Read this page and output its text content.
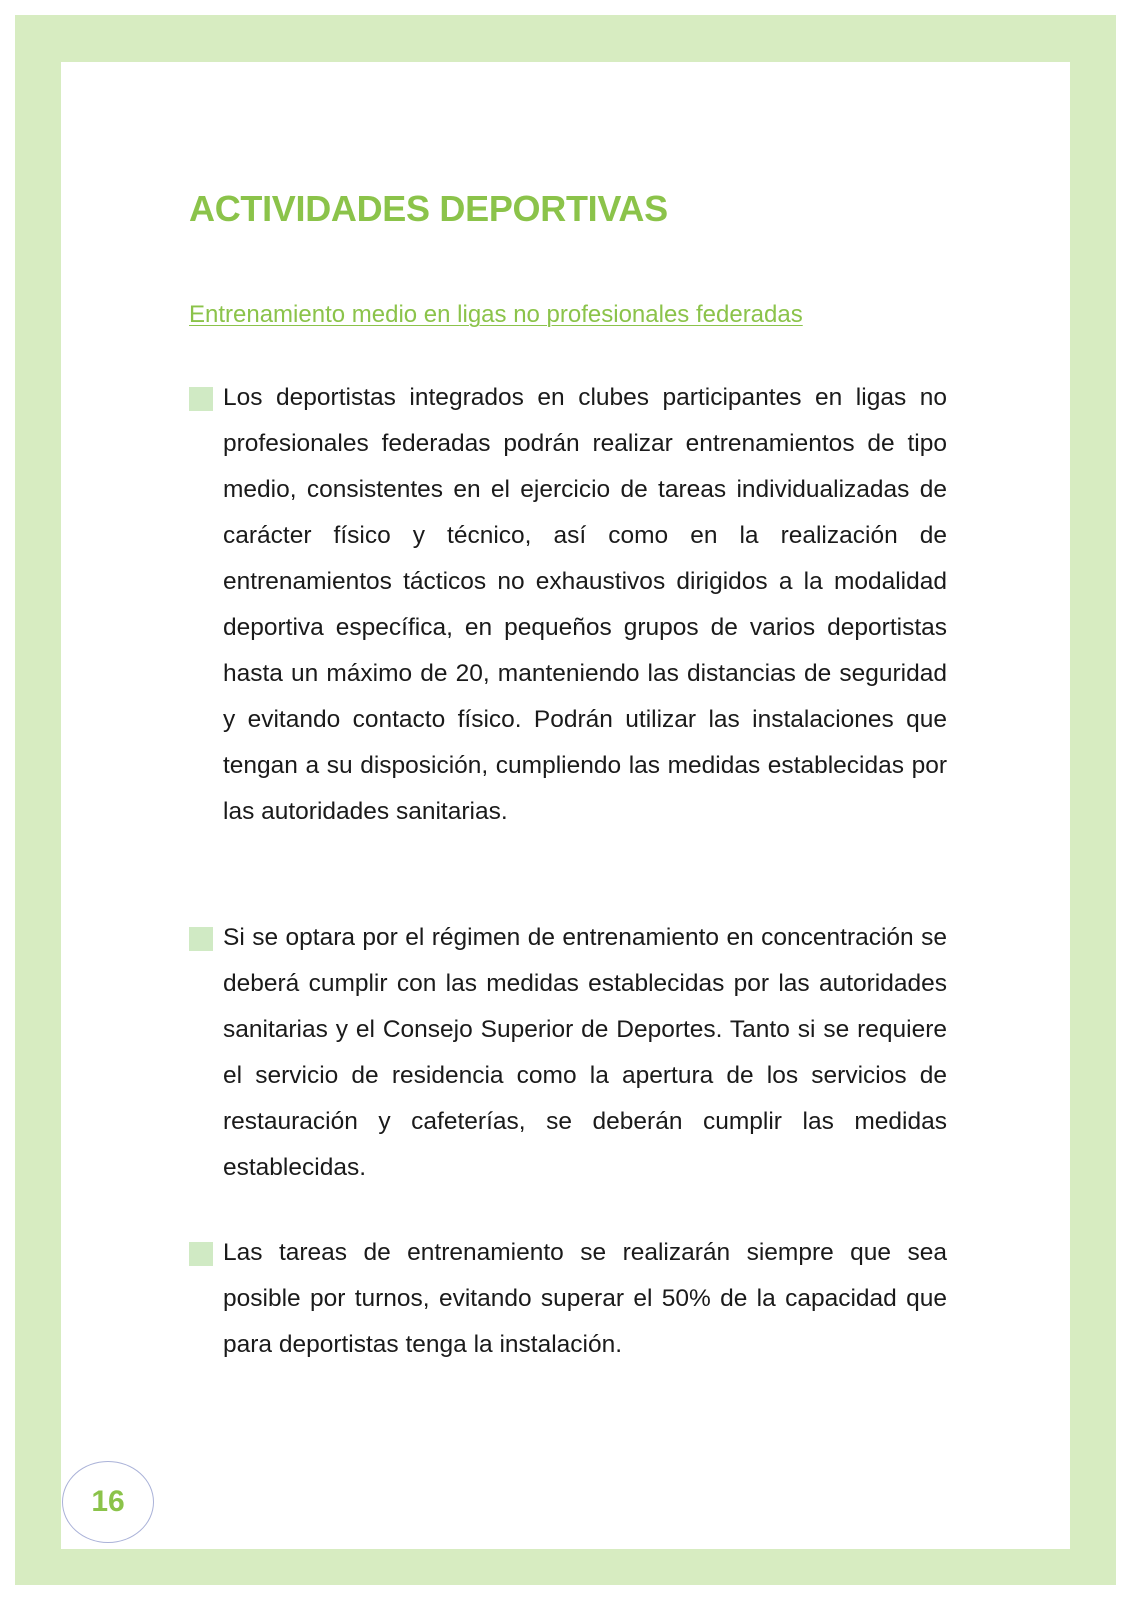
ACTIVIDADES DEPORTIVAS
Entrenamiento medio en ligas no profesionales federadas

Los deportistas integrados en clubes participantes en ligas no profesionales federadas podrán realizar entrenamientos de tipo medio, consistentes en el ejercicio de tareas individualizadas de carácter físico y técnico, así como en la realización de entrenamientos tácticos no exhaustivos dirigidos a la modalidad deportiva específica, en pequeños grupos de varios deportistas hasta un máximo de 20, manteniendo las distancias de seguridad y evitando contacto físico. Podrán utilizar las instalaciones que tengan a su disposición, cumpliendo las medidas establecidas por las autoridades sanitarias.

Si se optara por el régimen de entrenamiento en concentración se deberá cumplir con las medidas establecidas por las autoridades sanitarias y el Consejo Superior de Deportes. Tanto si se requiere el servicio de residencia como la apertura de los servicios de restauración y cafeterías, se deberán cumplir las medidas establecidas.

Las tareas de entrenamiento se realizarán siempre que sea posible por turnos, evitando superar el 50% de la capacidad que para deportistas tenga la instalación.

16
